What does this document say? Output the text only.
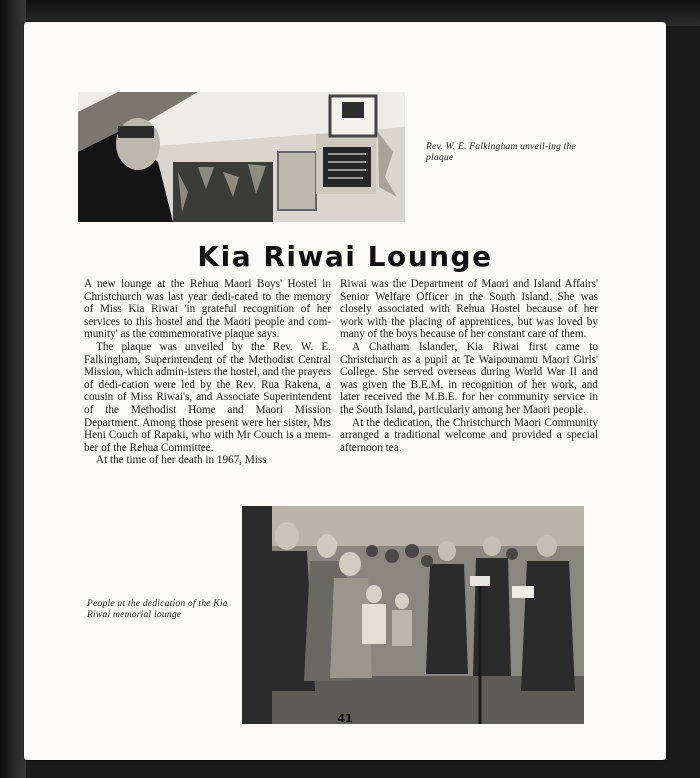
Rev. W. E. Falkingham unveil-ing the plaque
Kia Riwai Lounge

A new lounge at the Rehua Maori Boys' Hostel in Christchurch was last year dedi-cated to the memory of Miss Kia Riwai 'in grateful recognition of her services to this hostel and the Maori people and com-munity' as the commemorative plaque says.

The plaque was unveiled by the Rev. W. E. Falkingham, Superintendent of the Methodist Central Mission, which admin-isters the hostel, and the prayers of dedi-cation were led by the Rev. Rua Rakena, a cousin of Miss Riwai's, and Associate Superintendent of the Methodist Home and Maori Mission Department. Among those present were her sister, Mrs Heni Couch of Rapaki, who with Mr Couch is a mem-ber of the Rehua Committee.

At the time of her death in 1967, Miss

Riwai was the Department of Maori and Island Affairs' Senior Welfare Officer in the South Island. She was closely associated with Rehua Hostel because of her work with the placing of apprentices, but was loved by many of the boys because of her constant care of them.

A Chatham Islander, Kia Riwai first came to Christchurch as a pupil at Te Waipounamu Maori Girls' College. She served overseas during World War II and was given the B.E.M. in recognition of her work, and later received the M.B.E. for her community service in the South Island, particularly among her Maori people.

At the dedication, the Christchurch Maori Community arranged a traditional welcome and provided a special afternoon tea.

People at the dedication of the Kia Riwai memorial lounge
41
